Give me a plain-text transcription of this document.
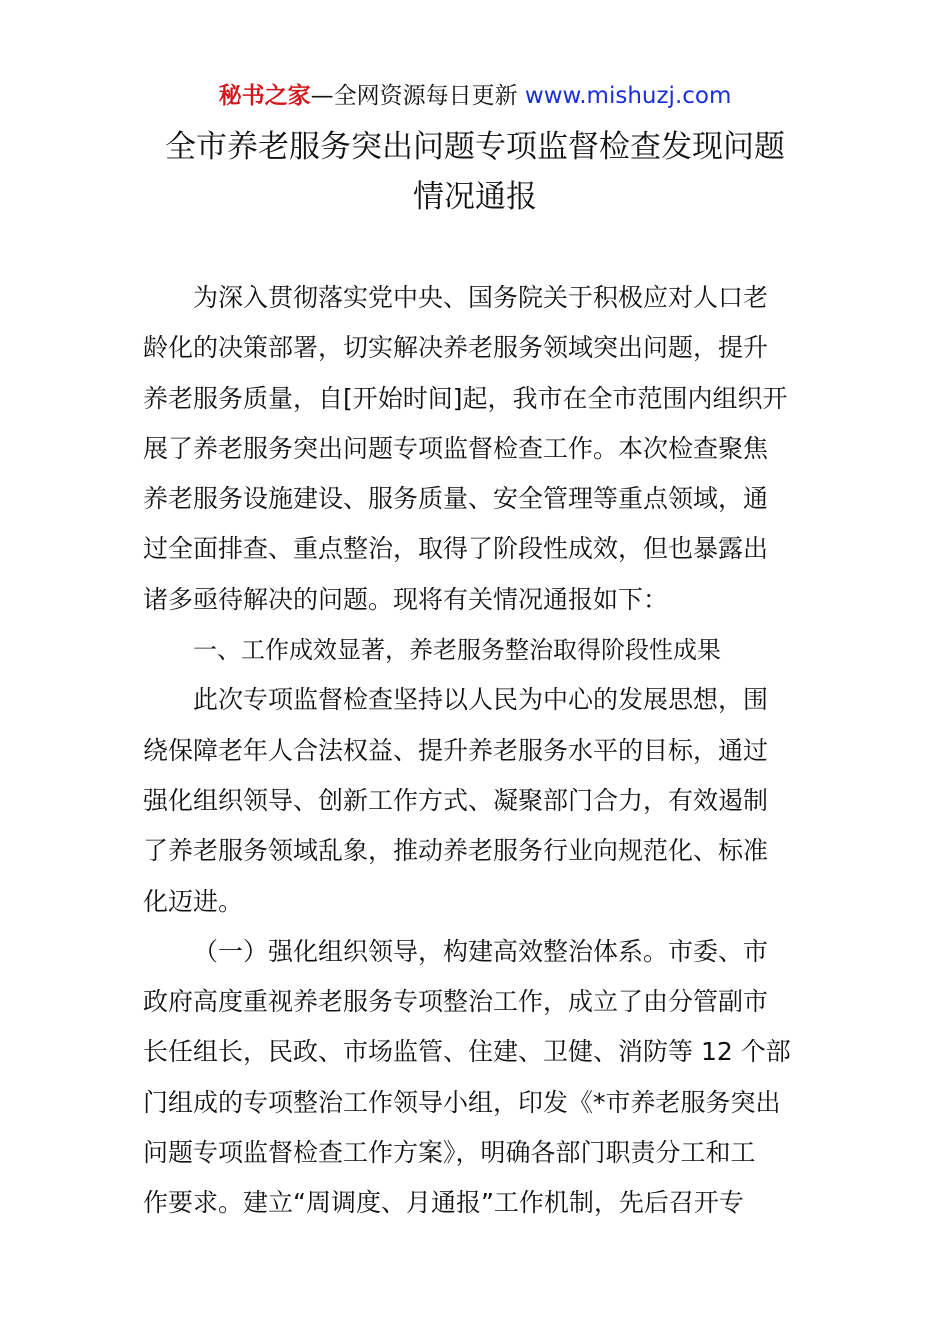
秘书之家—全网资源每日更新 www.mishuzj.com
全市养老服务突出问题专项监督检查发现问题
情况通报
为深入贯彻落实党中央、国务院关于积极应对人口老
龄化的决策部署，切实解决养老服务领域突出问题，提升
养老服务质量，自[开始时间]起，我市在全市范围内组织开
展了养老服务突出问题专项监督检查工作。本次检查聚焦
养老服务设施建设、服务质量、安全管理等重点领域，通
过全面排查、重点整治，取得了阶段性成效，但也暴露出
诸多亟待解决的问题。现将有关情况通报如下：
一、工作成效显著，养老服务整治取得阶段性成果
此次专项监督检查坚持以人民为中心的发展思想，围
绕保障老年人合法权益、提升养老服务水平的目标，通过
强化组织领导、创新工作方式、凝聚部门合力，有效遏制
了养老服务领域乱象，推动养老服务行业向规范化、标准
化迈进。
（一）强化组织领导，构建高效整治体系。市委、市
政府高度重视养老服务专项整治工作，成立了由分管副市
长任组长，民政、市场监管、住建、卫健、消防等 12 个部
门组成的专项整治工作领导小组，印发《*市养老服务突出
问题专项监督检查工作方案》，明确各部门职责分工和工
作要求。建立“周调度、月通报”工作机制，先后召开专
